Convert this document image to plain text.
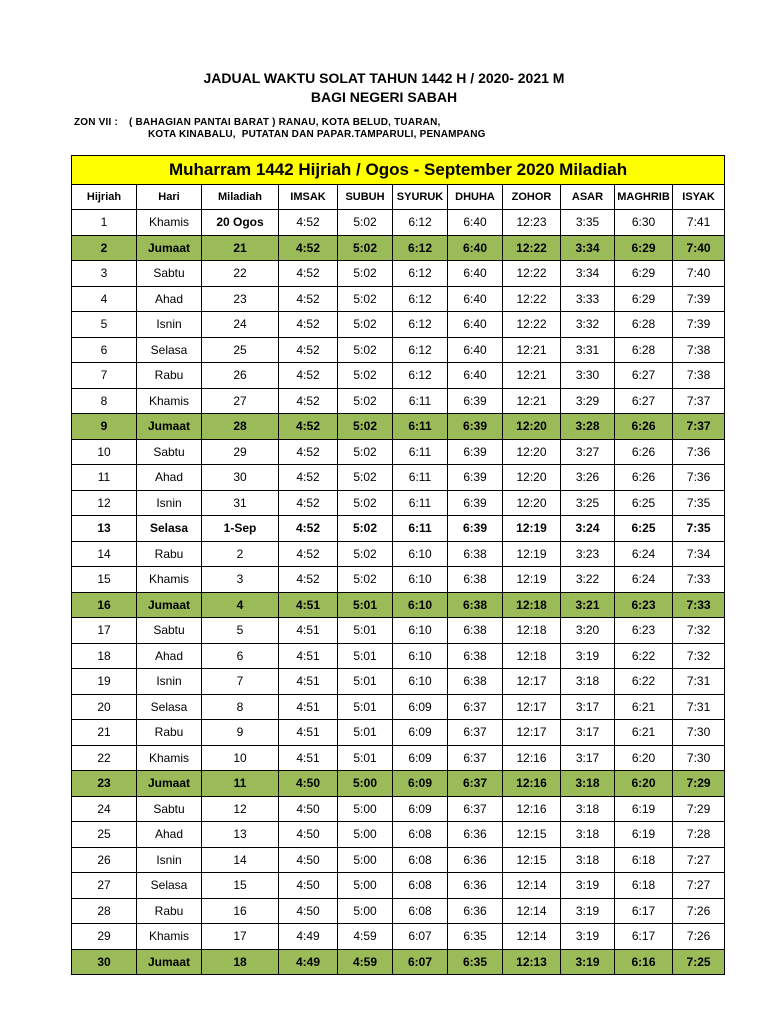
JADUAL WAKTU SOLAT TAHUN 1442 H / 2020- 2021 M
BAGI NEGERI SABAH
ZON VII : ( BAHAGIAN PANTAI BARAT ) RANAU, KOTA BELUD, TUARAN,
KOTA KINABALU,  PUTATAN DAN PAPAR.TAMPARULI, PENAMPANG
Muharram 1442 Hijriah / Ogos - September 2020 Miladiah										
Hijriah	Hari	Miladiah	IMSAK	SUBUH	SYURUK	DHUHA	ZOHOR	ASAR	MAGHRIB	ISYAK
1	Khamis	20 Ogos	4:52	5:02	6:12	6:40	12:23	3:35	6:30	7:41
2	Jumaat	21	4:52	5:02	6:12	6:40	12:22	3:34	6:29	7:40
3	Sabtu	22	4:52	5:02	6:12	6:40	12:22	3:34	6:29	7:40
4	Ahad	23	4:52	5:02	6:12	6:40	12:22	3:33	6:29	7:39
5	Isnin	24	4:52	5:02	6:12	6:40	12:22	3:32	6:28	7:39
6	Selasa	25	4:52	5:02	6:12	6:40	12:21	3:31	6:28	7:38
7	Rabu	26	4:52	5:02	6:12	6:40	12:21	3:30	6:27	7:38
8	Khamis	27	4:52	5:02	6:11	6:39	12:21	3:29	6:27	7:37
9	Jumaat	28	4:52	5:02	6:11	6:39	12:20	3:28	6:26	7:37
10	Sabtu	29	4:52	5:02	6:11	6:39	12:20	3:27	6:26	7:36
11	Ahad	30	4:52	5:02	6:11	6:39	12:20	3:26	6:26	7:36
12	Isnin	31	4:52	5:02	6:11	6:39	12:20	3:25	6:25	7:35
13	Selasa	1-Sep	4:52	5:02	6:11	6:39	12:19	3:24	6:25	7:35
14	Rabu	2	4:52	5:02	6:10	6:38	12:19	3:23	6:24	7:34
15	Khamis	3	4:52	5:02	6:10	6:38	12:19	3:22	6:24	7:33
16	Jumaat	4	4:51	5:01	6:10	6:38	12:18	3:21	6:23	7:33
17	Sabtu	5	4:51	5:01	6:10	6:38	12:18	3:20	6:23	7:32
18	Ahad	6	4:51	5:01	6:10	6:38	12:18	3:19	6:22	7:32
19	Isnin	7	4:51	5:01	6:10	6:38	12:17	3:18	6:22	7:31
20	Selasa	8	4:51	5:01	6:09	6:37	12:17	3:17	6:21	7:31
21	Rabu	9	4:51	5:01	6:09	6:37	12:17	3:17	6:21	7:30
22	Khamis	10	4:51	5:01	6:09	6:37	12:16	3:17	6:20	7:30
23	Jumaat	11	4:50	5:00	6:09	6:37	12:16	3:18	6:20	7:29
24	Sabtu	12	4:50	5:00	6:09	6:37	12:16	3:18	6:19	7:29
25	Ahad	13	4:50	5:00	6:08	6:36	12:15	3:18	6:19	7:28
26	Isnin	14	4:50	5:00	6:08	6:36	12:15	3:18	6:18	7:27
27	Selasa	15	4:50	5:00	6:08	6:36	12:14	3:19	6:18	7:27
28	Rabu	16	4:50	5:00	6:08	6:36	12:14	3:19	6:17	7:26
29	Khamis	17	4:49	4:59	6:07	6:35	12:14	3:19	6:17	7:26
30	Jumaat	18	4:49	4:59	6:07	6:35	12:13	3:19	6:16	7:25
